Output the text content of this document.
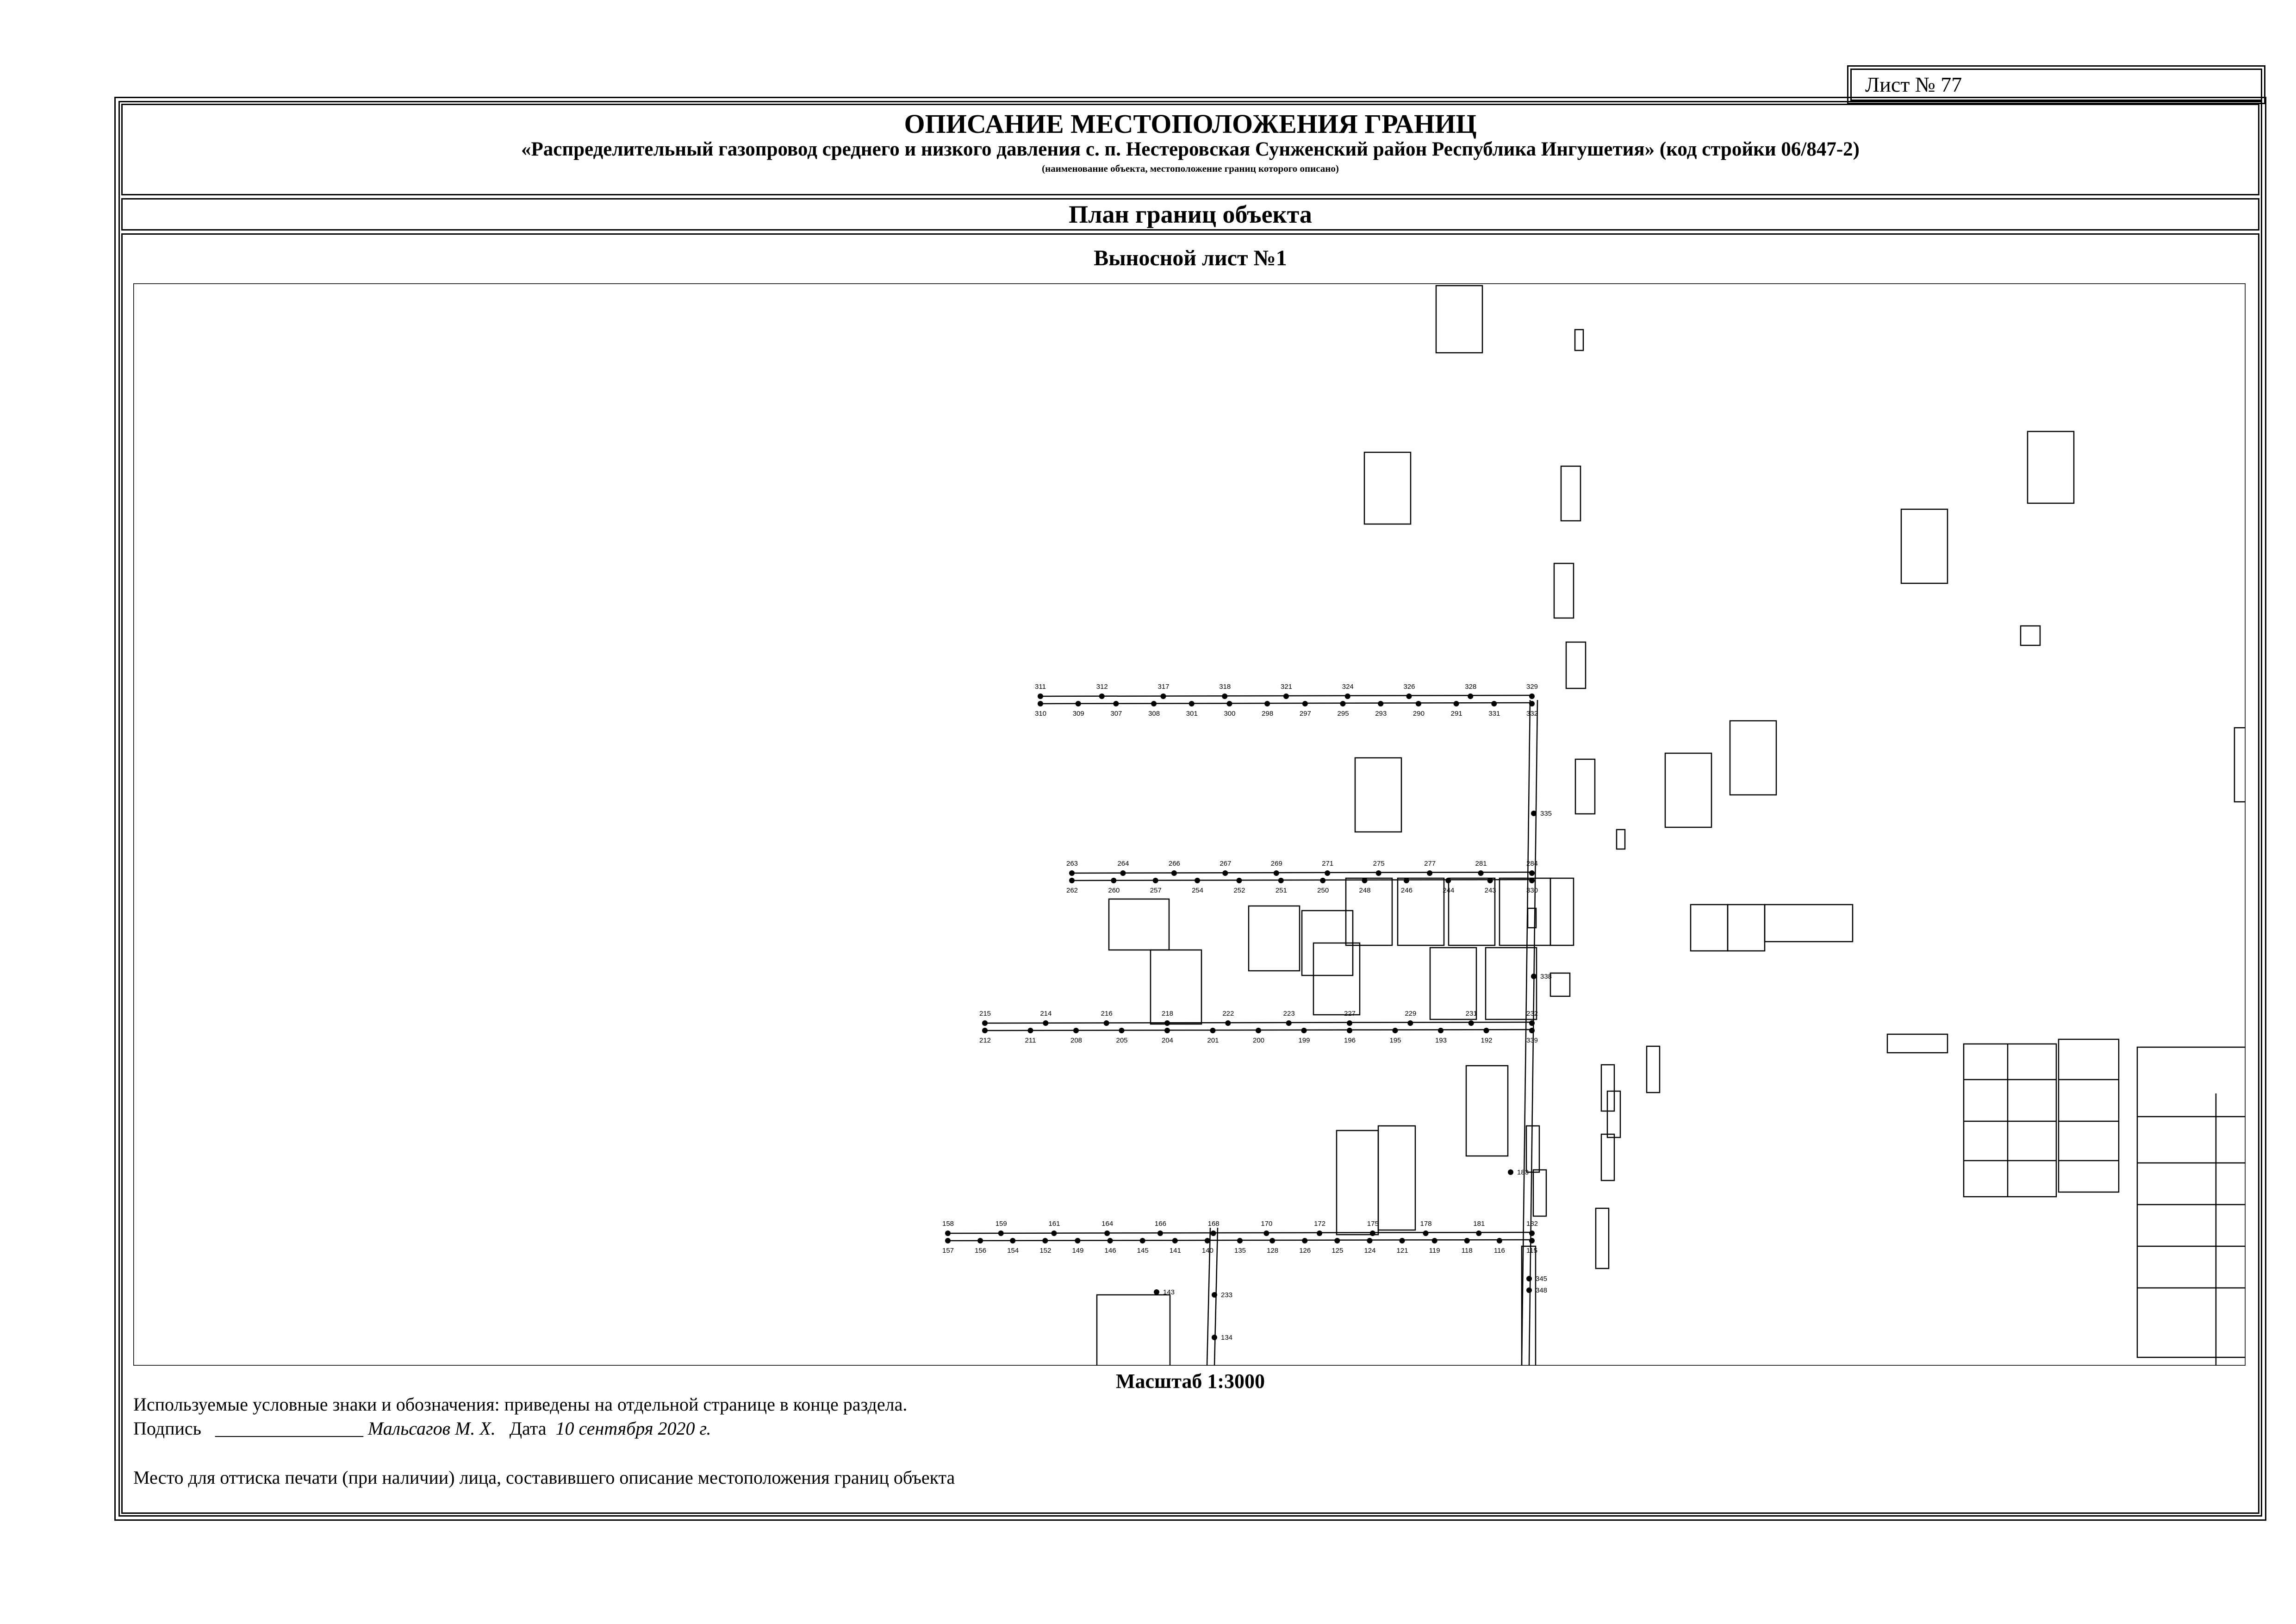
Лист № 77
ОПИСАНИЕ МЕСТОПОЛОЖЕНИЯ ГРАНИЦ
«Распределительный газопровод среднего и низкого давления с. п. Нестеровская Сунженский район Республика Ингушетия» (код стройки 06/847-2)
(наименование объекта, местоположение границ которого описано)
План границ объекта
Выносной лист №1
311	312	317	318	321	324	326	328	329
310	309	307	308	301	300	298	297	295	293	290	291	331	332
263	264	266	267	269	271	275	277	281	284
262	260	257	254	252	251	250	248	246	244	243	330
215	214	216	218	222	223	227	229	231	232
212	211	208	205	204	201	200	199	196	195	193	192	339
158	159	161	164	166	168	170	172	175	178	181	182
157	156	154	152	149	146	145	141	140	135	128	126	125	124	121	119	118	116	115
335
338
183
233
134
143
345
348
Масштаб 1:3000
Используемые условные знаки и обозначения: приведены на отдельной странице в конце раздела.
Подпись ________________ Мальсагов М. Х. Дата 10 сентября 2020 г.
Место для оттиска печати (при наличии) лица, составившего описание местоположения границ объекта
